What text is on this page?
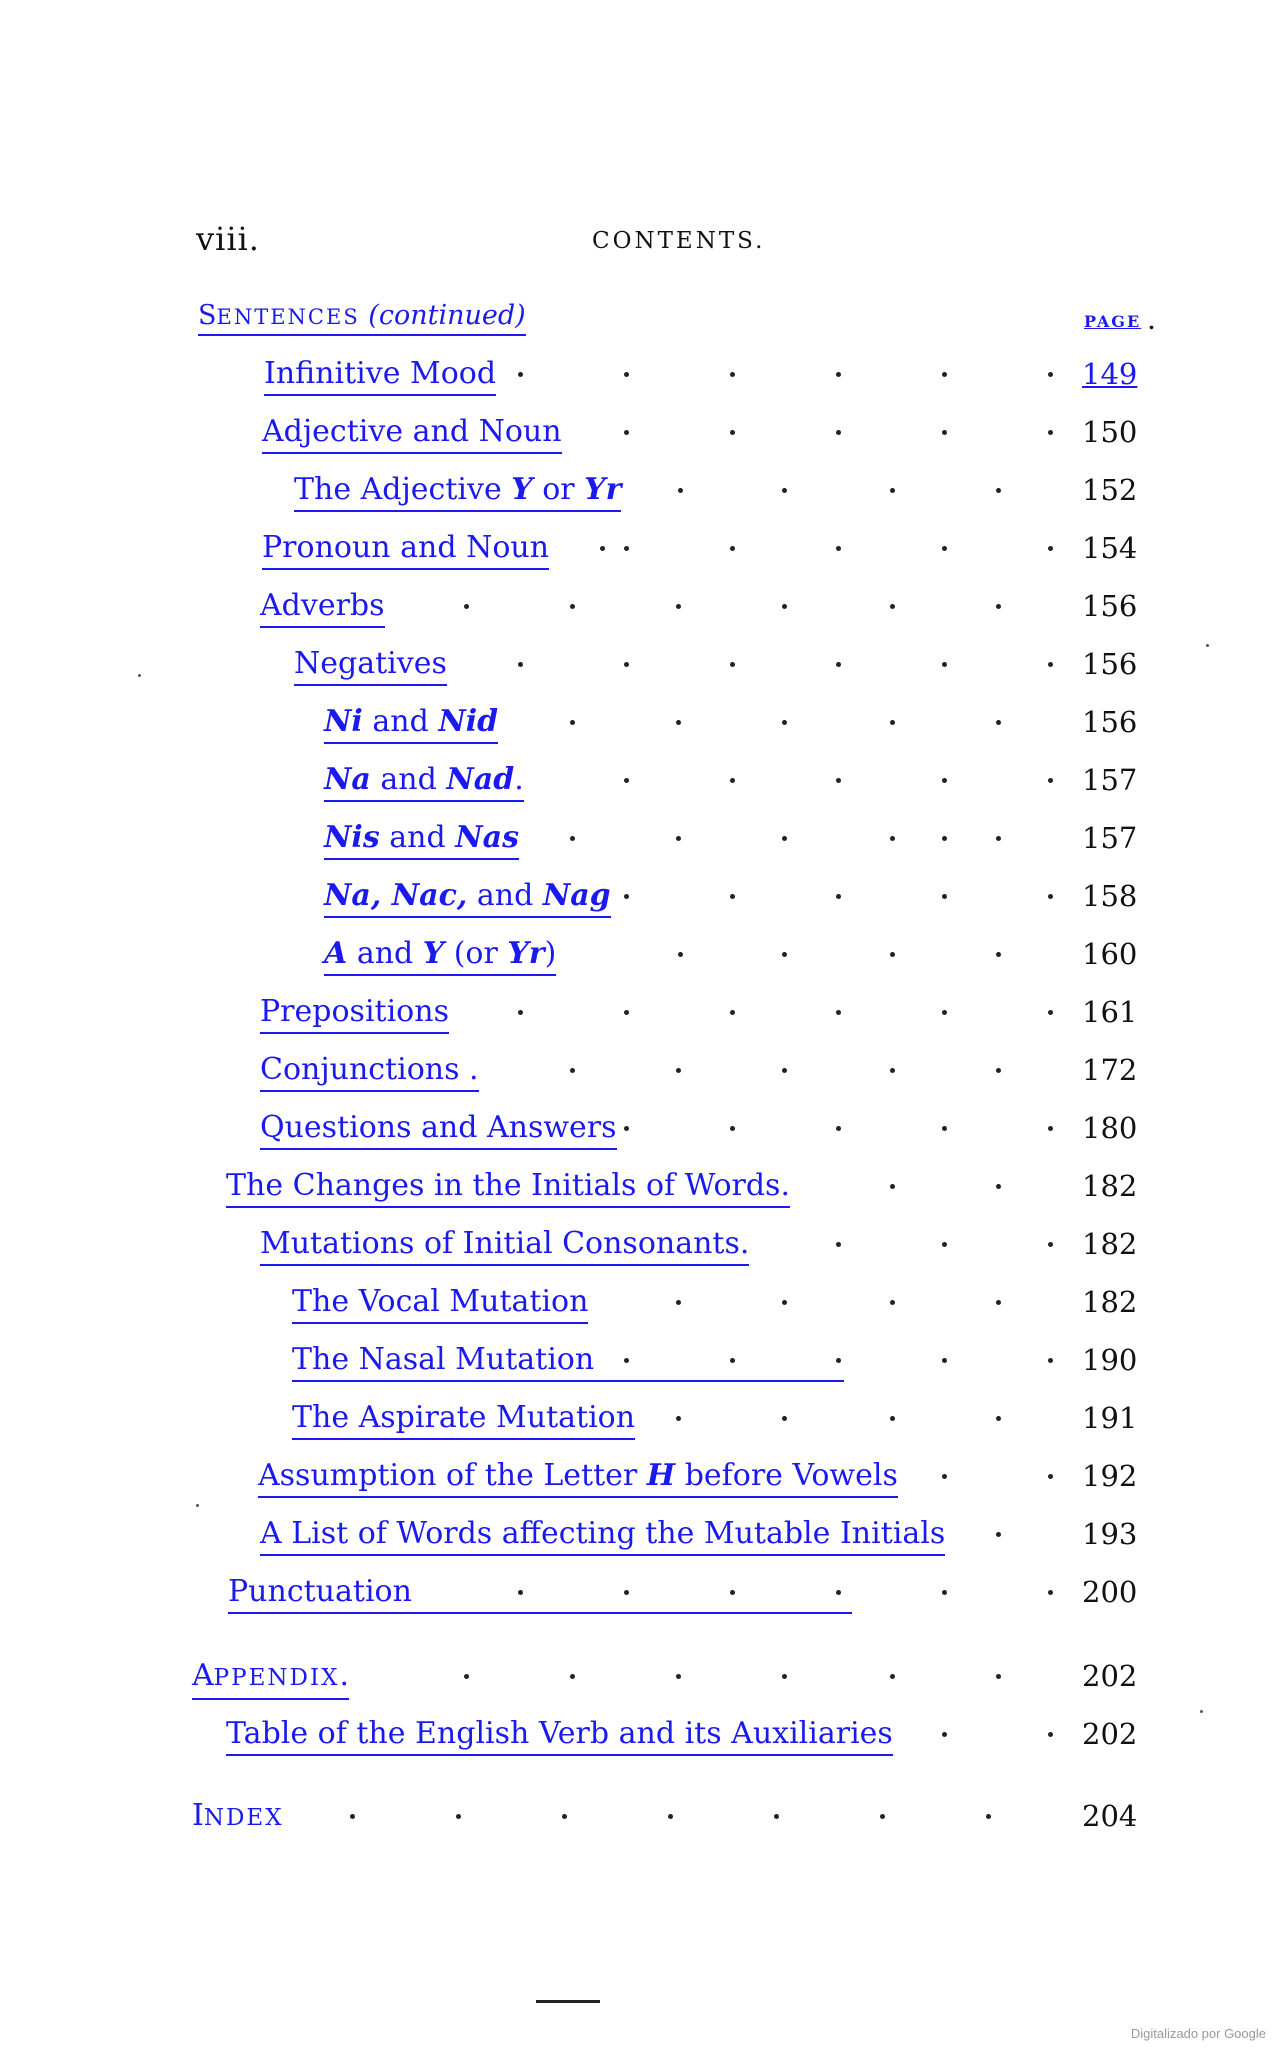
viii.	CONTENTS.
PAGE .
SENTENCES (continued)
Infinitive Mood	149
Adjective and Noun	150
The Adjective Y or Yr	152
Pronoun and Noun	154
Adverbs	156
Negatives	156
Ni and Nid	156
Na and Nad.	157
Nis and Nas	157
Na, Nac, and Nag	158
A and Y (or Yr)	160
Prepositions	161
Conjunctions .	172
Questions and Answers	180
The Changes in the Initials of Words.	182
Mutations of Initial Consonants.	182
The Vocal Mutation	182
The Nasal Mutation	190
The Aspirate Mutation	191
Assumption of the Letter H before Vowels	192
A List of Words affecting the Mutable Initials	193
Punctuation	200
APPENDIX.	202
Table of the English Verb and its Auxiliaries	202
INDEX	204
Digitalizado por Google
